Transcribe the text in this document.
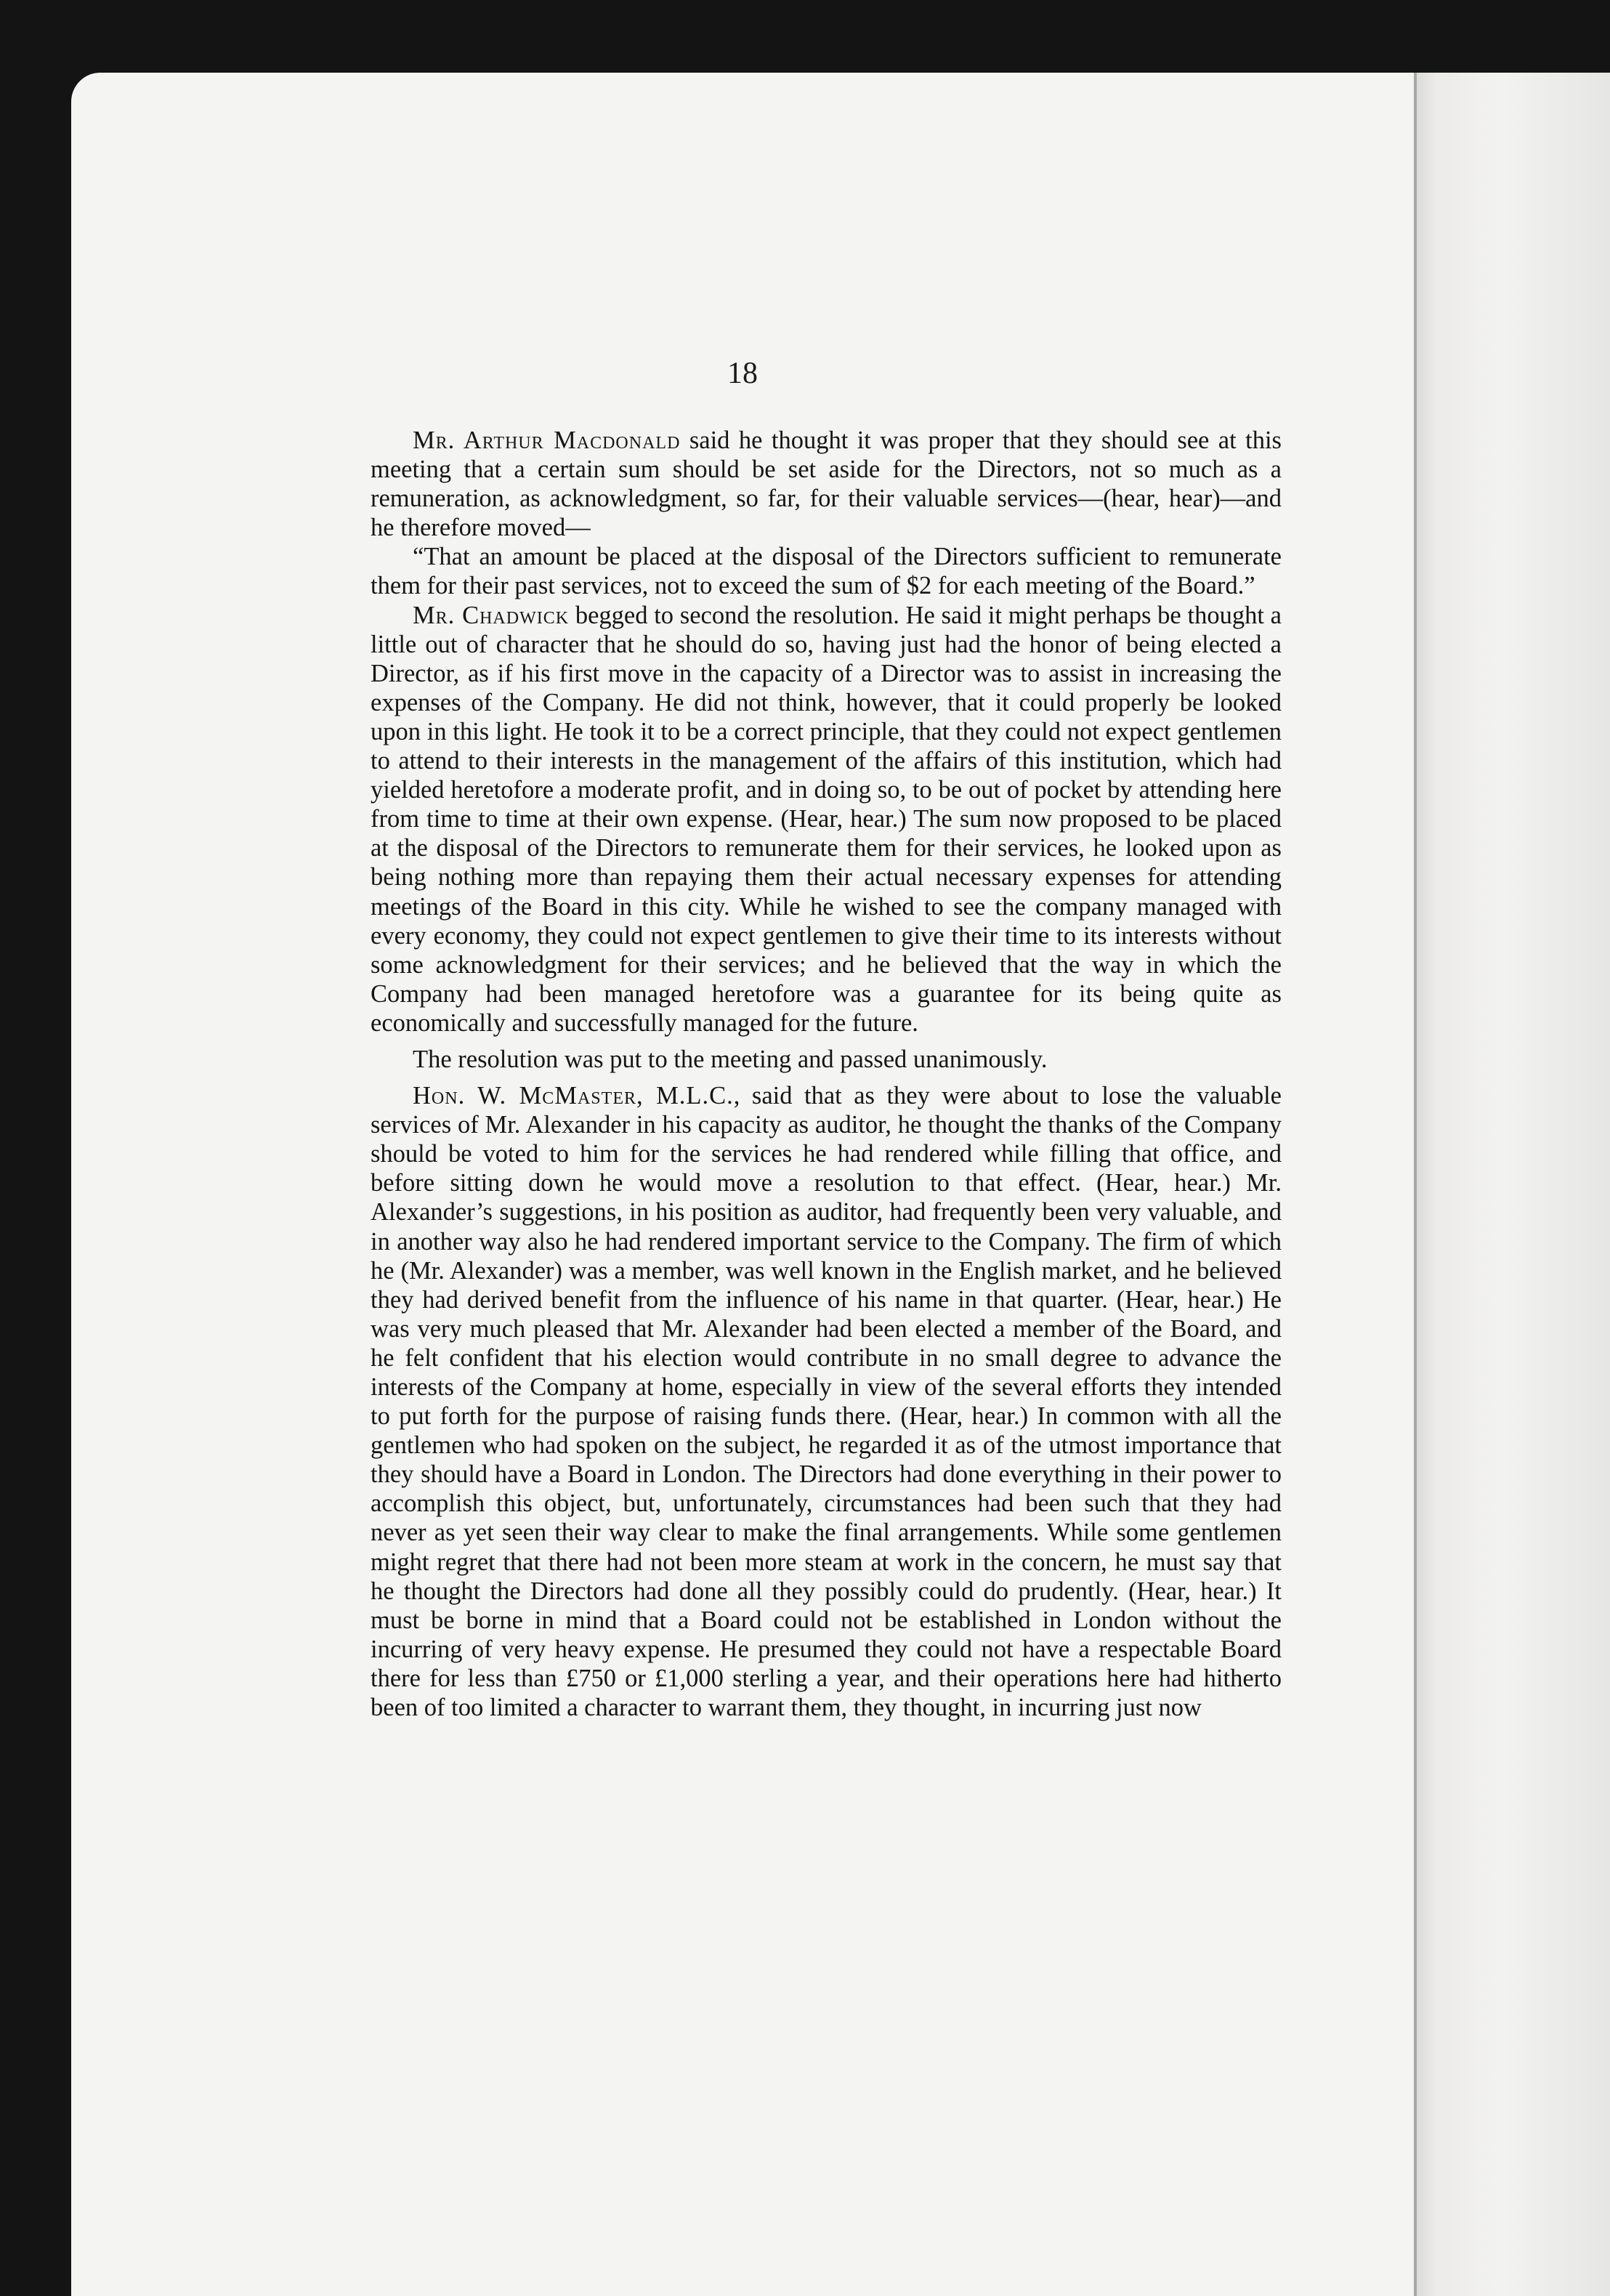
18

Mr. Arthur Macdonald said he thought it was proper that they should see at this meeting that a certain sum should be set aside for the Directors, not so much as a remuneration, as acknowledgment, so far, for their valuable services—(hear, hear)—and he therefore moved—

“That an amount be placed at the disposal of the Directors sufficient to remunerate them for their past services, not to exceed the sum of $2 for each meeting of the Board.”

Mr. Chadwick begged to second the resolution. He said it might perhaps be thought a little out of character that he should do so, having just had the honor of being elected a Director, as if his first move in the capacity of a Director was to assist in increasing the expenses of the Company. He did not think, however, that it could properly be looked upon in this light. He took it to be a correct principle, that they could not expect gentlemen to attend to their interests in the management of the affairs of this institution, which had yielded heretofore a moderate profit, and in doing so, to be out of pocket by attending here from time to time at their own expense. (Hear, hear.) The sum now proposed to be placed at the disposal of the Directors to remunerate them for their services, he looked upon as being nothing more than repaying them their actual necessary expenses for attending meetings of the Board in this city. While he wished to see the company managed with every economy, they could not expect gentlemen to give their time to its interests without some acknowledgment for their services; and he believed that the way in which the Company had been managed heretofore was a guarantee for its being quite as economically and successfully managed for the future.

The resolution was put to the meeting and passed unanimously.

Hon. W. McMaster, M.L.C., said that as they were about to lose the valuable services of Mr. Alexander in his capacity as auditor, he thought the thanks of the Company should be voted to him for the services he had rendered while filling that office, and before sitting down he would move a resolution to that effect. (Hear, hear.) Mr. Alexander’s suggestions, in his position as auditor, had frequently been very valuable, and in another way also he had rendered important service to the Company. The firm of which he (Mr. Alexander) was a member, was well known in the English market, and he believed they had derived benefit from the influence of his name in that quarter. (Hear, hear.) He was very much pleased that Mr. Alexander had been elected a member of the Board, and he felt confident that his election would contribute in no small degree to advance the interests of the Company at home, especially in view of the several efforts they intended to put forth for the purpose of raising funds there. (Hear, hear.) In common with all the gentlemen who had spoken on the subject, he regarded it as of the utmost importance that they should have a Board in London. The Directors had done everything in their power to accomplish this object, but, unfortunately, circumstances had been such that they had never as yet seen their way clear to make the final arrangements. While some gentlemen might regret that there had not been more steam at work in the concern, he must say that he thought the Directors had done all they possibly could do prudently. (Hear, hear.) It must be borne in mind that a Board could not be established in London without the incurring of very heavy expense. He presumed they could not have a respectable Board there for less than £750 or £1,000 sterling a year, and their operations here had hitherto been of too limited a character to warrant them, they thought, in incurring just now
